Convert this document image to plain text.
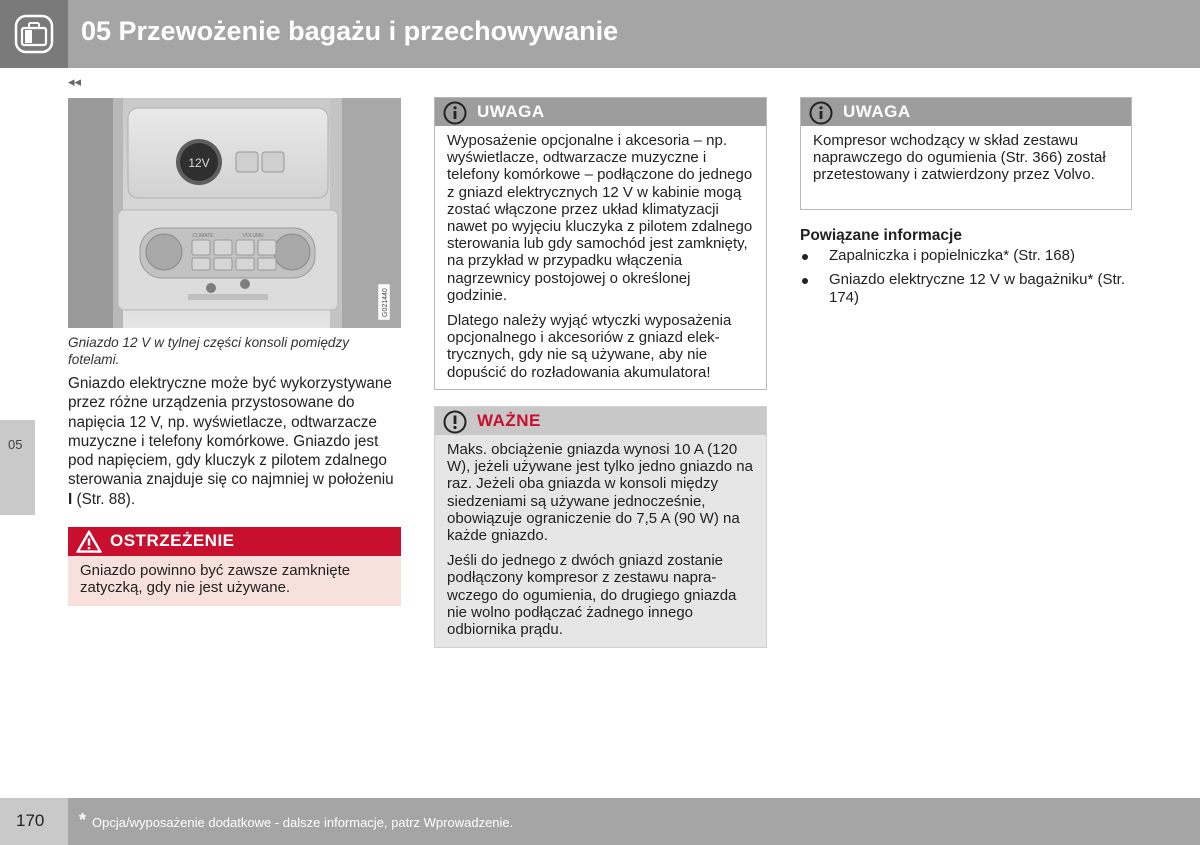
05 Przewożenie bagażu i przechowywanie
◂◂
05
12V
CLIMATE	VOLUME
G021440
Gniazdo 12 V w tylnej części konsoli pomiędzy fotelami.
Gniazdo elektryczne może być wykorzystywane przez różne urządzenia przystosowane do napięcia 12 V, np. wyświetlacze, odtwarzacze muzyczne i telefony komórkowe. Gniazdo jest pod napięciem, gdy kluczyk z pilotem zdalnego sterowania znajduje się co najmniej w położeniu I (Str. 88).
OSTRZEŻENIE

Gniazdo powinno być zawsze zamknięte zatyczką, gdy nie jest używane.

UWAGA

Wyposażenie opcjonalne i akcesoria – np. wyświetlacze, odtwarzacze muzyczne i telefony komórkowe – podłączone do jednego z gniazd elektrycznych 12 V w kabinie mogą zostać włączone przez układ klimatyzacji nawet po wyjęciu kluczyka z pilotem zdalnego sterowania lub gdy samochód jest zamknięty, na przykład w przypadku włączenia nagrzewnicy postojowej o określonej godzinie.

Dlatego należy wyjąć wtyczki wyposażenia opcjonalnego i akcesoriów z gniazd elektrycznych, gdy nie są używane, aby nie dopuścić do rozładowania akumulatora!

WAŻNE

Maks. obciążenie gniazda wynosi 10 A (120 W), jeżeli używane jest tylko jedno gniazdo na raz. Jeżeli oba gniazda w konsoli między siedzeniami są używane jednocześnie, obowiązuje ograniczenie do 7,5 A (90 W) na każde gniazdo.

Jeśli do jednego z dwóch gniazd zostanie podłączony kompresor z zestawu naprawczego do ogumienia, do drugiego gniazda nie wolno podłączać żadnego innego odbiornika prądu.

UWAGA

Kompresor wchodzący w skład zestawu naprawczego do ogumienia (Str. 366) został przetestowany i zatwierdzony przez Volvo.

Powiązane informacje
Zapalniczka i popielniczka* (Str. 168)
Gniazdo elektryczne 12 V w bagażniku* (Str. 174)
170 * Opcja/wyposażenie dodatkowe - dalsze informacje, patrz Wprowadzenie.
